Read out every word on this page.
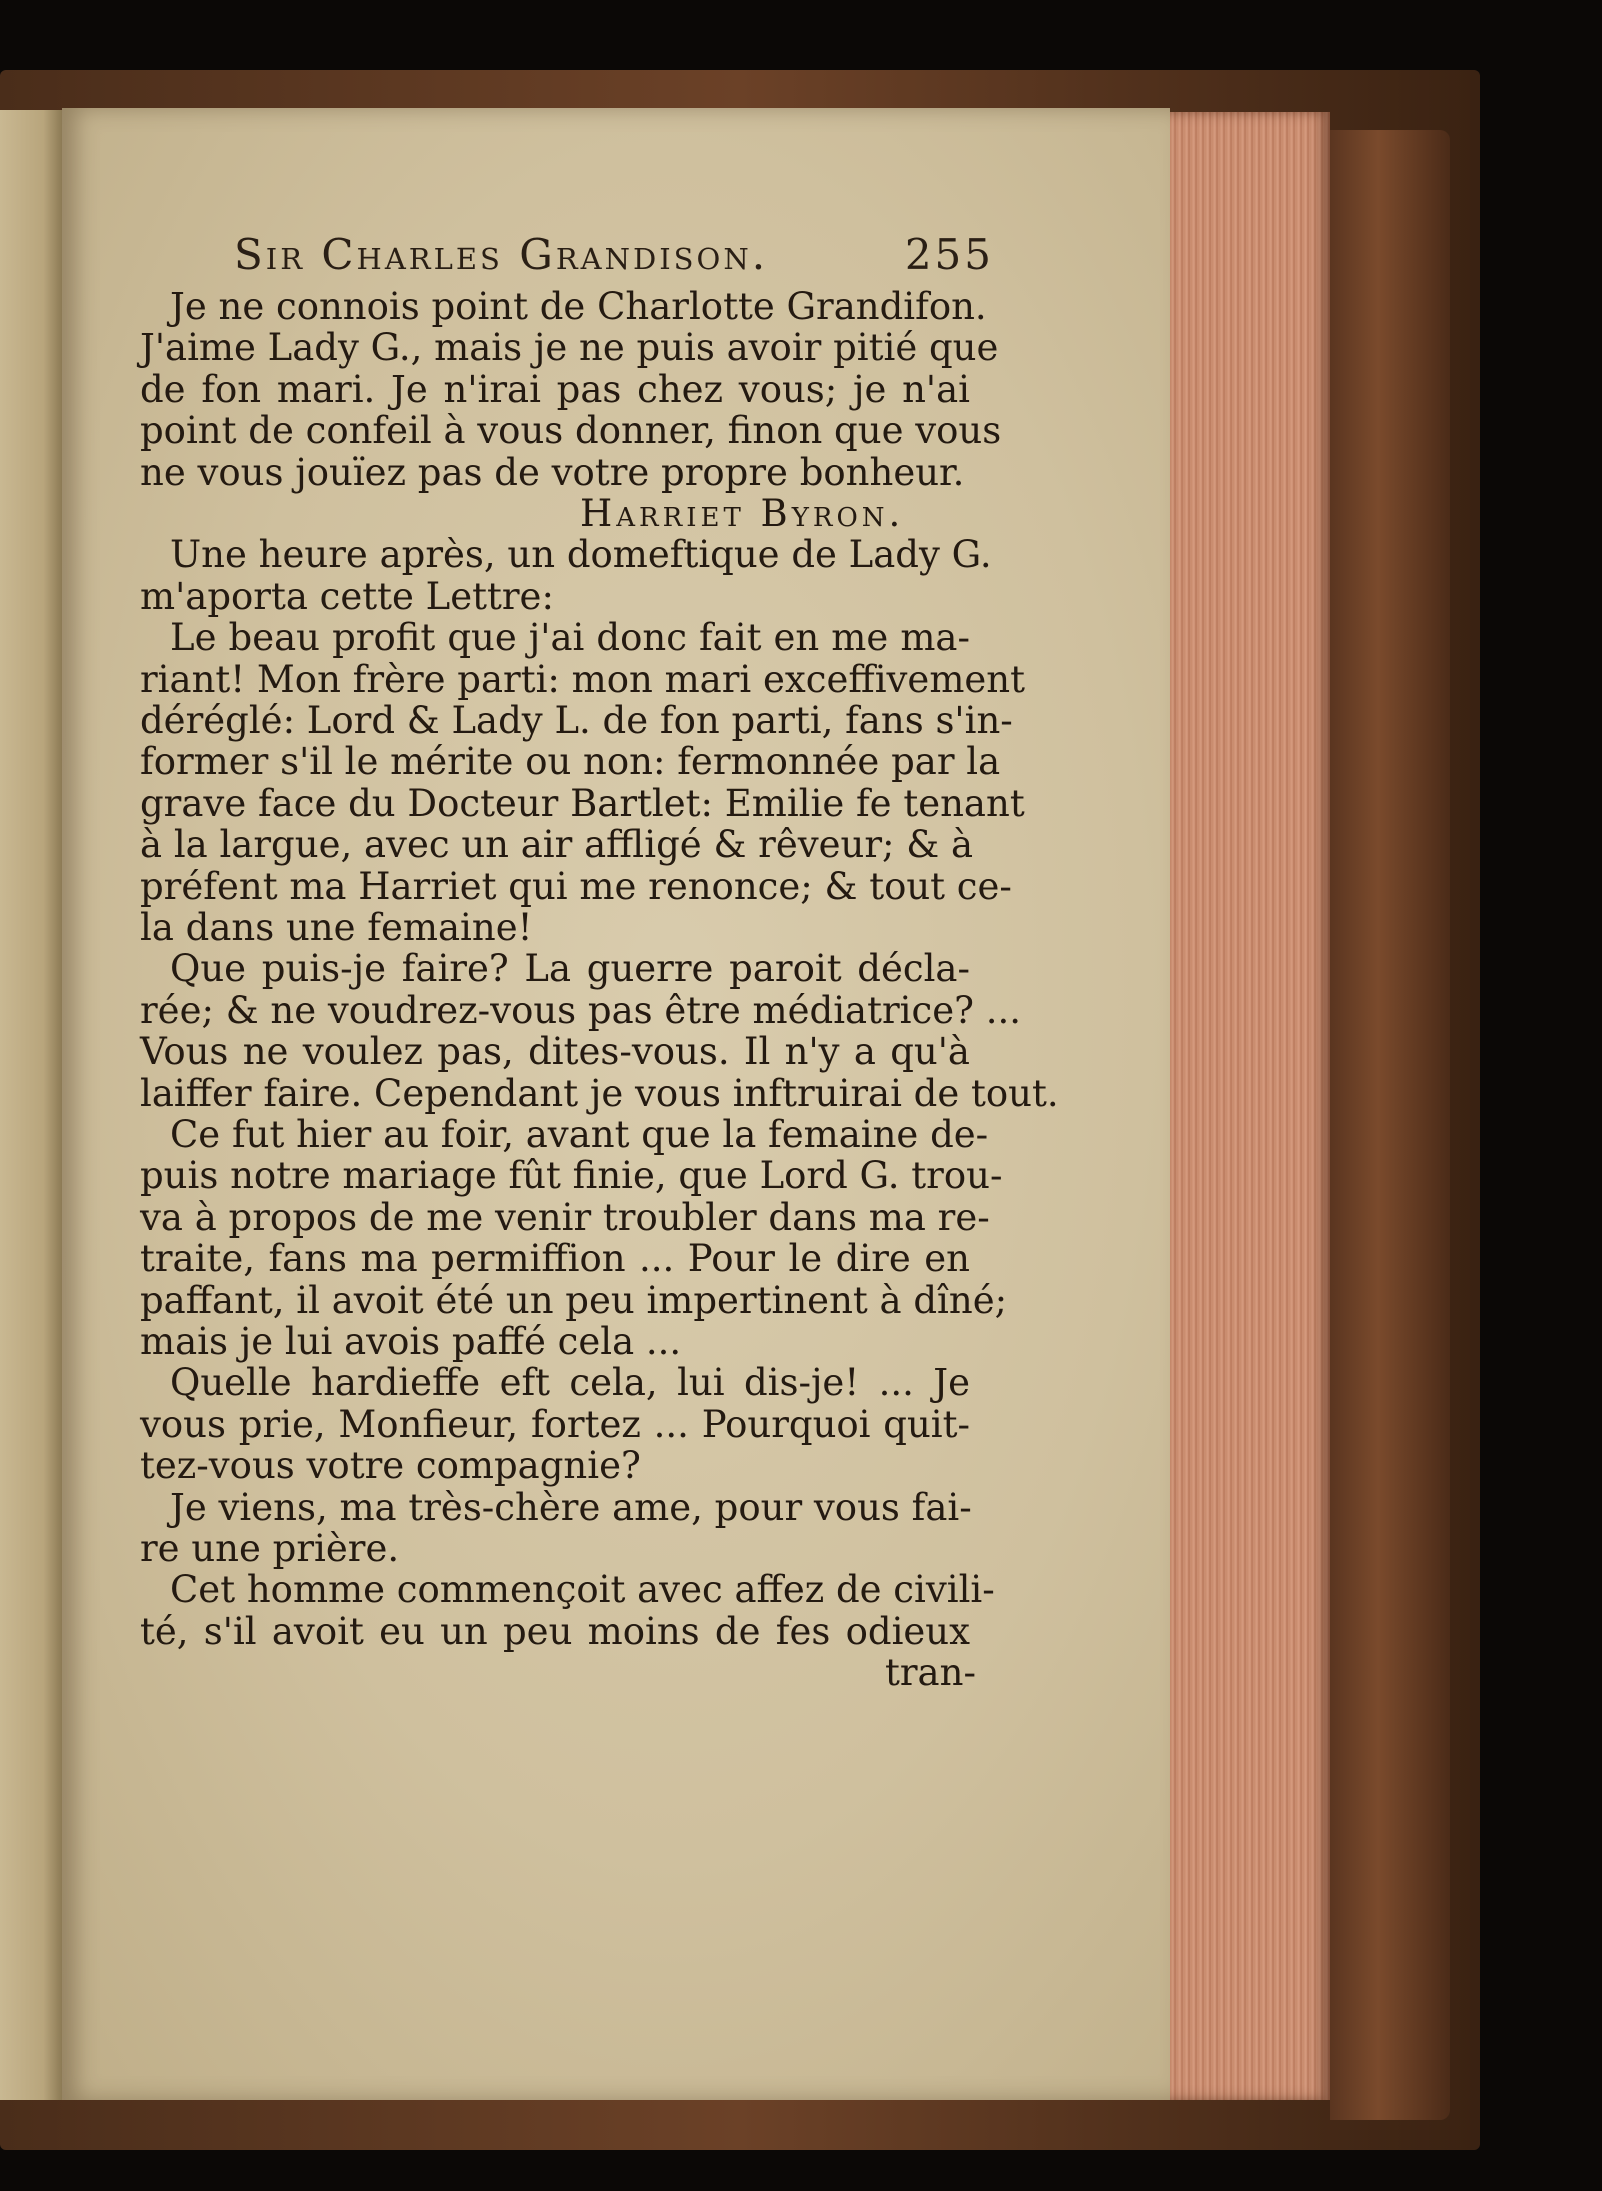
Sir Charles Grandison.	255
Je ne connois point de Charlotte Grandifon.
J'aime Lady G., mais je ne puis avoir pitié que
de fon mari. Je n'irai pas chez vous; je n'ai
point de confeil à vous donner, finon que vous
ne vous jouïez pas de votre propre bonheur.
Harriet Byron.
Une heure après, un domeftique de Lady G.
m'aporta cette Lettre:
Le beau profit que j'ai donc fait en me ma-
riant! Mon frère parti: mon mari exceffivement
déréglé: Lord & Lady L. de fon parti, fans s'in-
former s'il le mérite ou non: fermonnée par la
grave face du Docteur Bartlet: Emilie fe tenant
à la largue, avec un air affligé & rêveur; & à
préfent ma Harriet qui me renonce; & tout ce-
la dans une femaine!
Que puis-je faire? La guerre paroit décla-
rée; & ne voudrez-vous pas être médiatrice? ...
Vous ne voulez pas, dites-vous. Il n'y a qu'à
laiffer faire. Cependant je vous inftruirai de tout.
Ce fut hier au foir, avant que la femaine de-
puis notre mariage fût finie, que Lord G. trou-
va à propos de me venir troubler dans ma re-
traite, fans ma permiffion ... Pour le dire en
paffant, il avoit été un peu impertinent à dîné;
mais je lui avois paffé cela ...
Quelle hardieffe eft cela, lui dis-je! ... Je
vous prie, Monfieur, fortez ... Pourquoi quit-
tez-vous votre compagnie?
Je viens, ma très-chère ame, pour vous fai-
re une prière.
Cet homme commençoit avec affez de civili-
té, s'il avoit eu un peu moins de fes odieux
tran-
